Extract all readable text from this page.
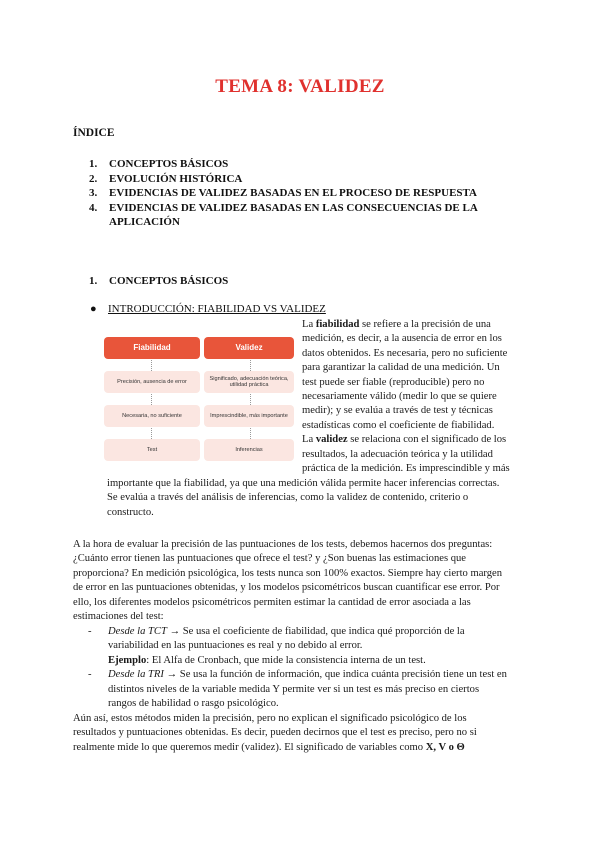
TEMA 8: VALIDEZ
ÍNDICE
1.	CONCEPTOS BÁSICOS
2.	EVOLUCIÓN HISTÓRICA
3.	EVIDENCIAS DE VALIDEZ BASADAS EN EL PROCESO DE RESPUESTA
4.	EVIDENCIAS DE VALIDEZ BASADAS EN LAS CONSECUENCIAS DE LA APLICACIÓN
1.	CONCEPTOS BÁSICOS
●	INTRODUCCIÓN: FIABILIDAD VS VALIDEZ
Fiabilidad	Validez
Precisión, ausencia de error
Necesaria, no suficiente
Test
Significado, adecuación teórica, utilidad práctica
Imprescindible, más importante
Inferencias
La fiabilidad se refiere a la precisión de una
medición, es decir, a la ausencia de error en los
datos obtenidos. Es necesaria, pero no suficiente
para garantizar la calidad de una medición. Un
test puede ser fiable (reproducible) pero no
necesariamente válido (medir lo que se quiere
medir); y se evalúa a través de test y técnicas
estadísticas como el coeficiente de fiabilidad.
La validez se relaciona con el significado de los
resultados, la adecuación teórica y la utilidad
práctica de la medición. Es imprescindible y más
importante que la fiabilidad, ya que una medición válida permite hacer inferencias correctas.
Se evalúa a través del análisis de inferencias, como la validez de contenido, criterio o
constructo.
A la hora de evaluar la precisión de las puntuaciones de los tests, debemos hacernos dos preguntas:
¿Cuánto error tienen las puntuaciones que ofrece el test? y ¿Son buenas las estimaciones que
proporciona? En medición psicológica, los tests nunca son 100% exactos. Siempre hay cierto margen
de error en las puntuaciones obtenidas, y los modelos psicométricos buscan cuantificar ese error. Por
ello, los diferentes modelos psicométricos permiten estimar la cantidad de error asociada a las
estimaciones del test:
- Desde la TCT → Se usa el coeficiente de fiabilidad, que indica qué proporción de la
variabilidad en las puntuaciones es real y no debido al error.
Ejemplo: El Alfa de Cronbach, que mide la consistencia interna de un test.
- Desde la TRI → Se usa la función de información, que indica cuánta precisión tiene un test en
distintos niveles de la variable medida Y permite ver si un test es más preciso en ciertos
rangos de habilidad o rasgo psicológico.
Aún así, estos métodos miden la precisión, pero no explican el significado psicológico de los
resultados y puntuaciones obtenidas. Es decir, pueden decirnos que el test es preciso, pero no si
realmente mide lo que queremos medir (validez). El significado de variables como X, V o Θ
